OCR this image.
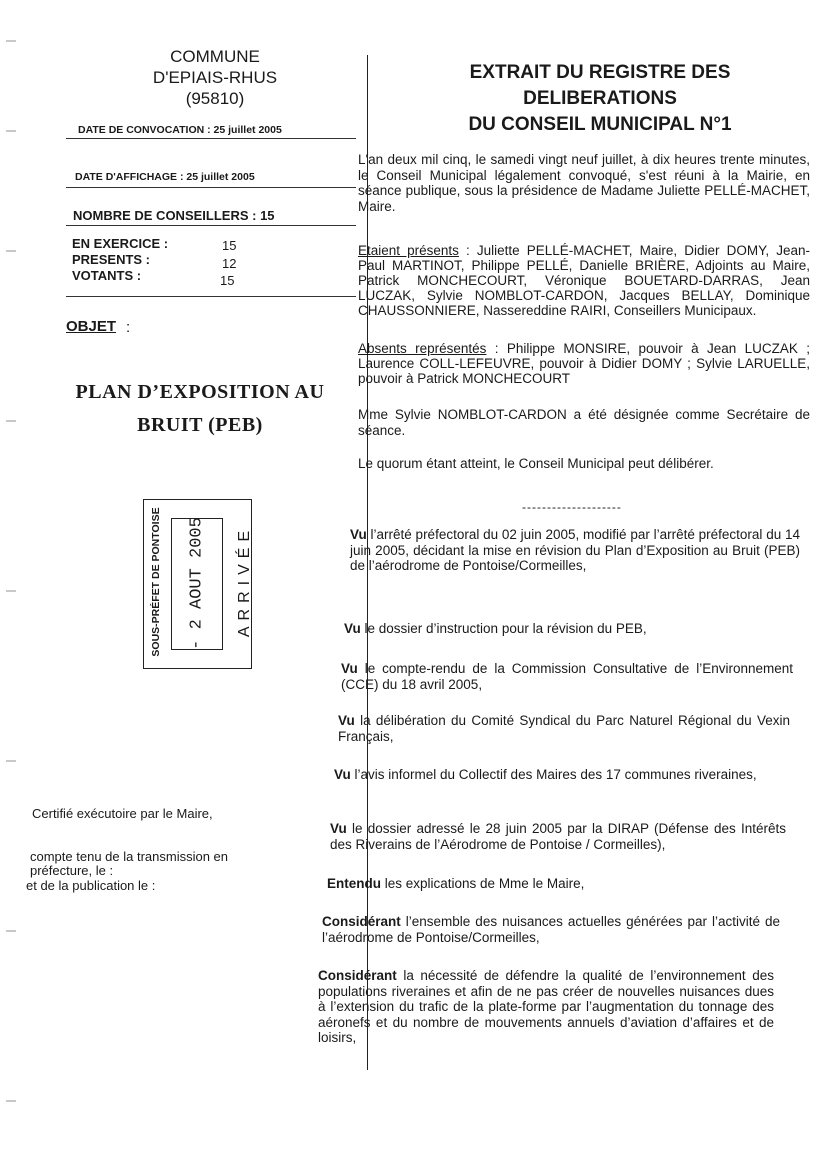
COMMUNE
D'EPIAIS-RHUS
(95810)
DATE DE CONVOCATION : 25 juillet 2005
DATE D'AFFICHAGE : 25 juillet 2005
NOMBRE DE CONSEILLERS : 15
EN EXERCICE :	15
PRESENTS :	12
VOTANTS :	15
OBJET :
PLAN D’EXPOSITION AU
BRUIT (PEB)
SOUS-PRÉFET DE PONTOISE - 2 AOUT 2005 ARRIVÉE
Certifié exécutoire par le Maire,
compte tenu de la transmission en
préfecture, le :
et de la publication le :
EXTRAIT DU REGISTRE DES
DELIBERATIONS
DU CONSEIL MUNICIPAL N°1
L'an deux mil cinq, le samedi vingt neuf juillet, à dix heures trente minutes, le Conseil Municipal légalement convoqué, s'est réuni à la Mairie, en séance publique, sous la présidence de Madame Juliette PELLÉ-MACHET, Maire.
Etaient présents : Juliette PELLÉ-MACHET, Maire, Didier DOMY, Jean-Paul MARTINOT, Philippe PELLÉ, Danielle BRIÈRE, Adjoints au Maire, Patrick MONCHECOURT, Véronique BOUETARD-DARRAS, Jean LUCZAK, Sylvie NOMBLOT-CARDON, Jacques BELLAY, Dominique CHAUSSONNIERE, Nassereddine RAIRI, Conseillers Municipaux.
Absents représentés : Philippe MONSIRE, pouvoir à Jean LUCZAK ; Laurence COLL-LEFEUVRE, pouvoir à Didier DOMY ; Sylvie LARUELLE, pouvoir à Patrick MONCHECOURT
Mme Sylvie NOMBLOT-CARDON a été désignée comme Secrétaire de séance.
Le quorum étant atteint, le Conseil Municipal peut délibérer.
--------------------
Vu l’arrêté préfectoral du 02 juin 2005, modifié par l’arrêté préfectoral du 14 juin 2005, décidant la mise en révision du Plan d’Exposition au Bruit (PEB) de l’aérodrome de Pontoise/Cormeilles,
Vu le dossier d’instruction pour la révision du PEB,
Vu le compte-rendu de la Commission Consultative de l’Environnement (CCE) du 18 avril 2005,
Vu la délibération du Comité Syndical du Parc Naturel Régional du Vexin Français,
Vu l’avis informel du Collectif des Maires des 17 communes riveraines,
Vu le dossier adressé le 28 juin 2005 par la DIRAP (Défense des Intérêts des Riverains de l’Aérodrome de Pontoise / Cormeilles),
Entendu les explications de Mme le Maire,
Considérant l’ensemble des nuisances actuelles générées par l’activité de l’aérodrome de Pontoise/Cormeilles,
Considérant la nécessité de défendre la qualité de l’environnement des populations riveraines et afin de ne pas créer de nouvelles nuisances dues à l’extension du trafic de la plate-forme par l’augmentation du tonnage des aéronefs et du nombre de mouvements annuels d’aviation d’affaires et de loisirs,
